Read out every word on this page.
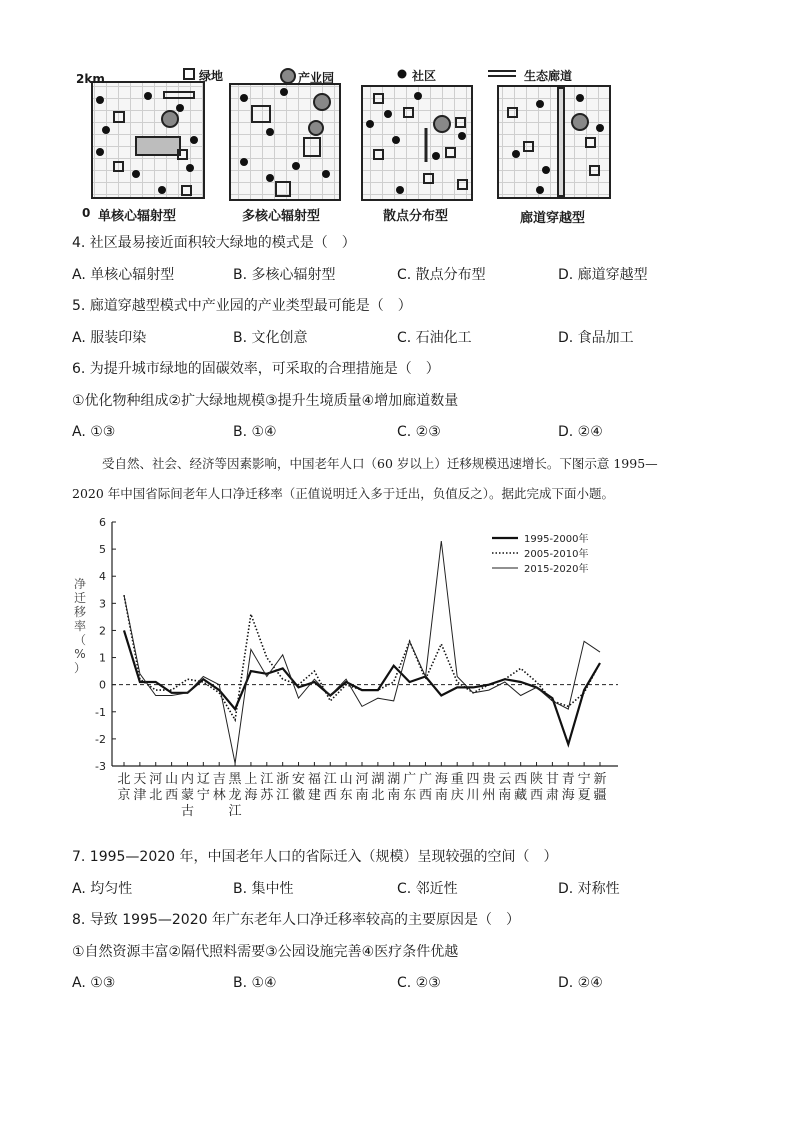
2km
0
绿地	产业园	社区	生态廊道
单核心辐射型	多核心辐射型	散点分布型	廊道穿越型
4. 社区最易接近面积较大绿地的模式是（　）
A. 单核心辐射型	B. 多核心辐射型	C. 散点分布型	D. 廊道穿越型
5. 廊道穿越型模式中产业园的产业类型最可能是（　）
A. 服装印染	B. 文化创意	C. 石油化工	D. 食品加工
6. 为提升城市绿地的固碳效率，可采取的合理措施是（　）
①优化物种组成②扩大绿地规模③提升生境质量④增加廊道数量
A. ①③	B. ①④	C. ②③	D. ②④
受自然、社会、经济等因素影响，中国老年人口（60 岁以上）迁移规模迅速增长。下图示意 1995—
2020 年中国省际间老年人口净迁移率（正值说明迁入多于迁出，负值反之）。据此完成下面小题。
6
5
4
3
2
1
0
-1
-2
-3
北
京
天
津
河
北
山
西
内
蒙
古
辽
宁
吉
林
黑
龙
江
上
海
江
苏
浙
江
安
徽
福
建
江
西
山
东
河
南
湖
北
湖
南
广
东
广
西
海
南
重
庆
四
川
贵
州
云
南
西
藏
陕
西
甘
肃
青
海
宁
夏
新
疆
净
迁
移
率
（
%
）
1995-2000年
2005-2010年
2015-2020年
7. 1995—2020 年，中国老年人口的省际迁入（规模）呈现较强的空间（　）
A. 均匀性	B. 集中性	C. 邻近性	D. 对称性
8. 导致 1995—2020 年广东老年人口净迁移率较高的主要原因是（　）
①自然资源丰富②隔代照料需要③公园设施完善④医疗条件优越
A. ①③	B. ①④	C. ②③	D. ②④
